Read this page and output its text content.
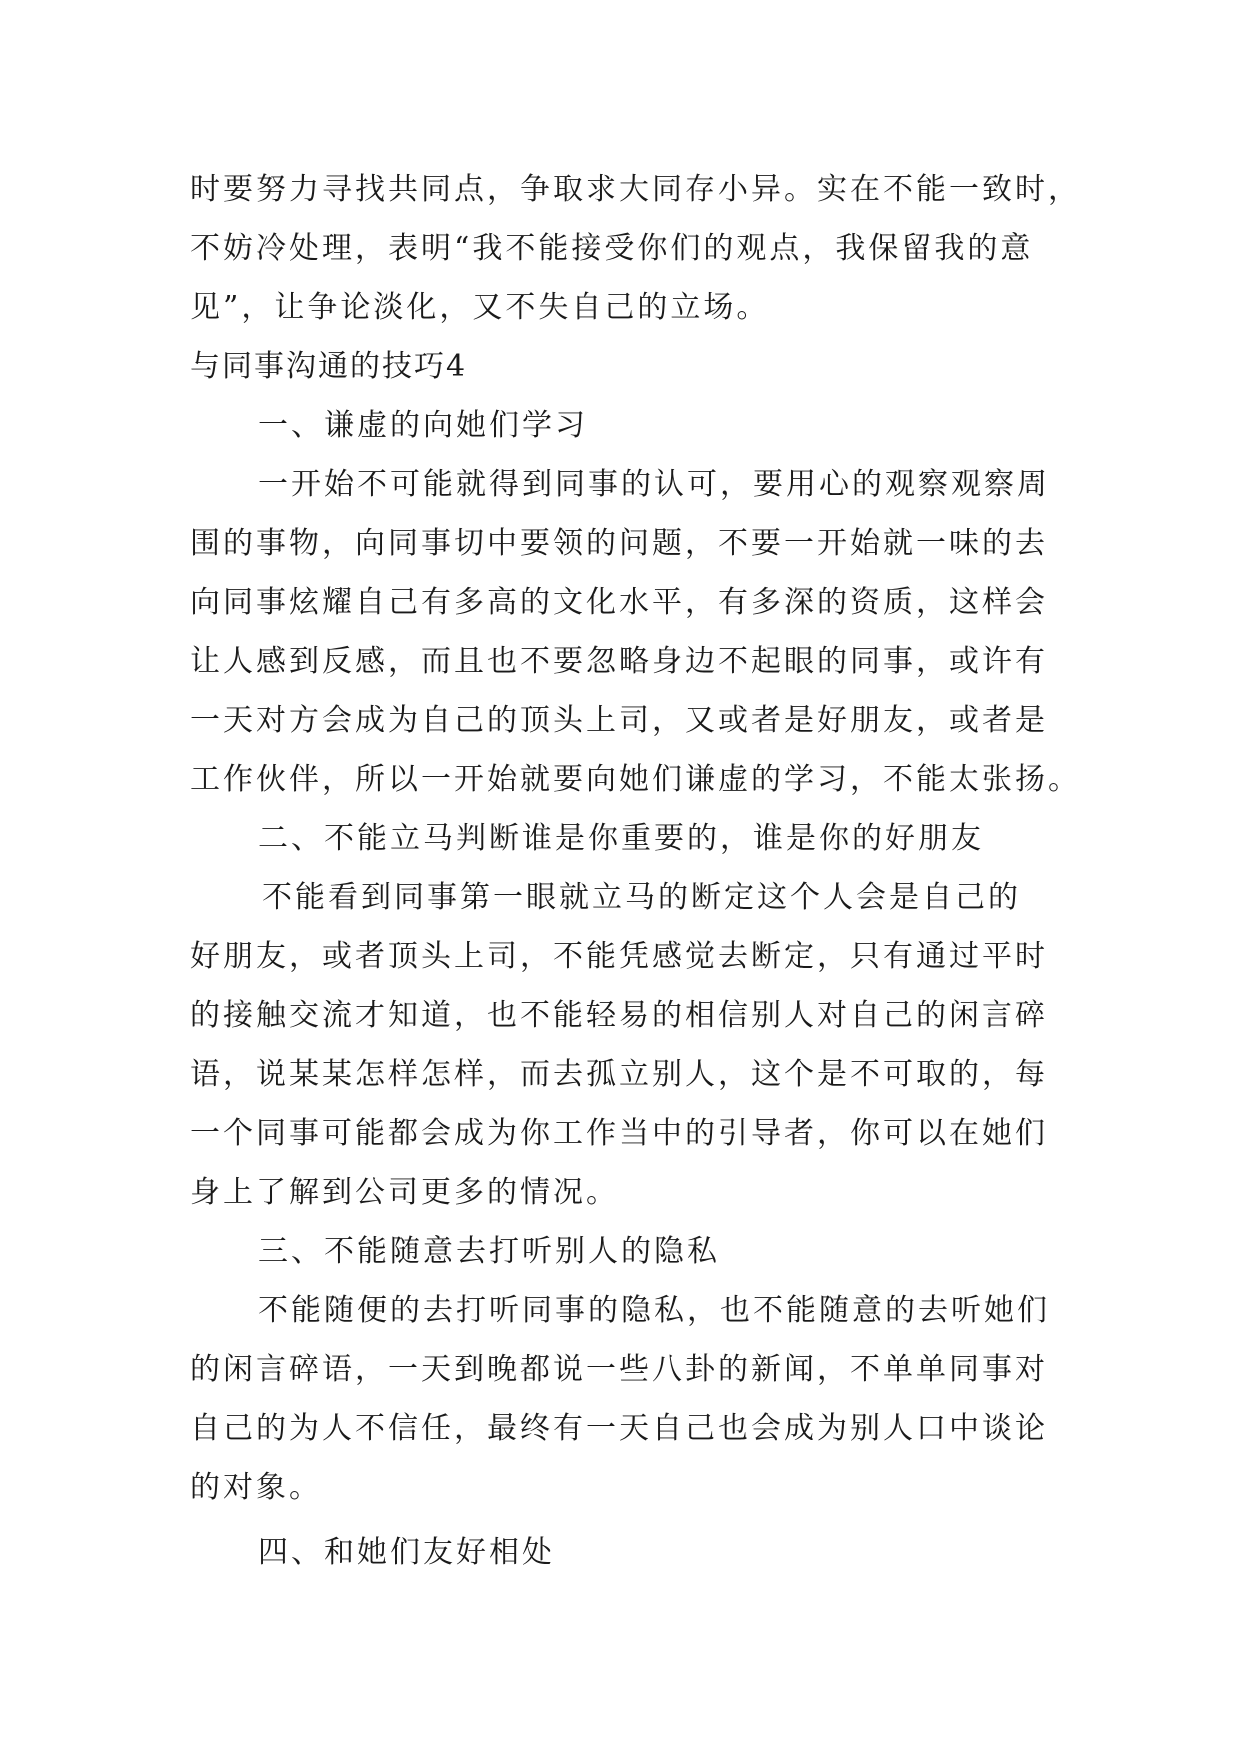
时要努力寻找共同点，争取求大同存小异。实在不能一致时，
不妨冷处理，表明“我不能接受你们的观点，我保留我的意
见”，让争论淡化，又不失自己的立场。
与同事沟通的技巧4
一、谦虚的向她们学习
一开始不可能就得到同事的认可，要用心的观察观察周
围的事物，向同事切中要领的问题，不要一开始就一味的去
向同事炫耀自己有多高的文化水平，有多深的资质，这样会
让人感到反感，而且也不要忽略身边不起眼的同事，或许有
一天对方会成为自己的顶头上司，又或者是好朋友，或者是
工作伙伴，所以一开始就要向她们谦虚的学习，不能太张扬。
二、不能立马判断谁是你重要的，谁是你的好朋友
不能看到同事第一眼就立马的断定这个人会是自己的
好朋友，或者顶头上司，不能凭感觉去断定，只有通过平时
的接触交流才知道，也不能轻易的相信别人对自己的闲言碎
语，说某某怎样怎样，而去孤立别人，这个是不可取的，每
一个同事可能都会成为你工作当中的引导者，你可以在她们
身上了解到公司更多的情况。
三、不能随意去打听别人的隐私
不能随便的去打听同事的隐私，也不能随意的去听她们
的闲言碎语，一天到晚都说一些八卦的新闻，不单单同事对
自己的为人不信任，最终有一天自己也会成为别人口中谈论
的对象。
四、和她们友好相处
